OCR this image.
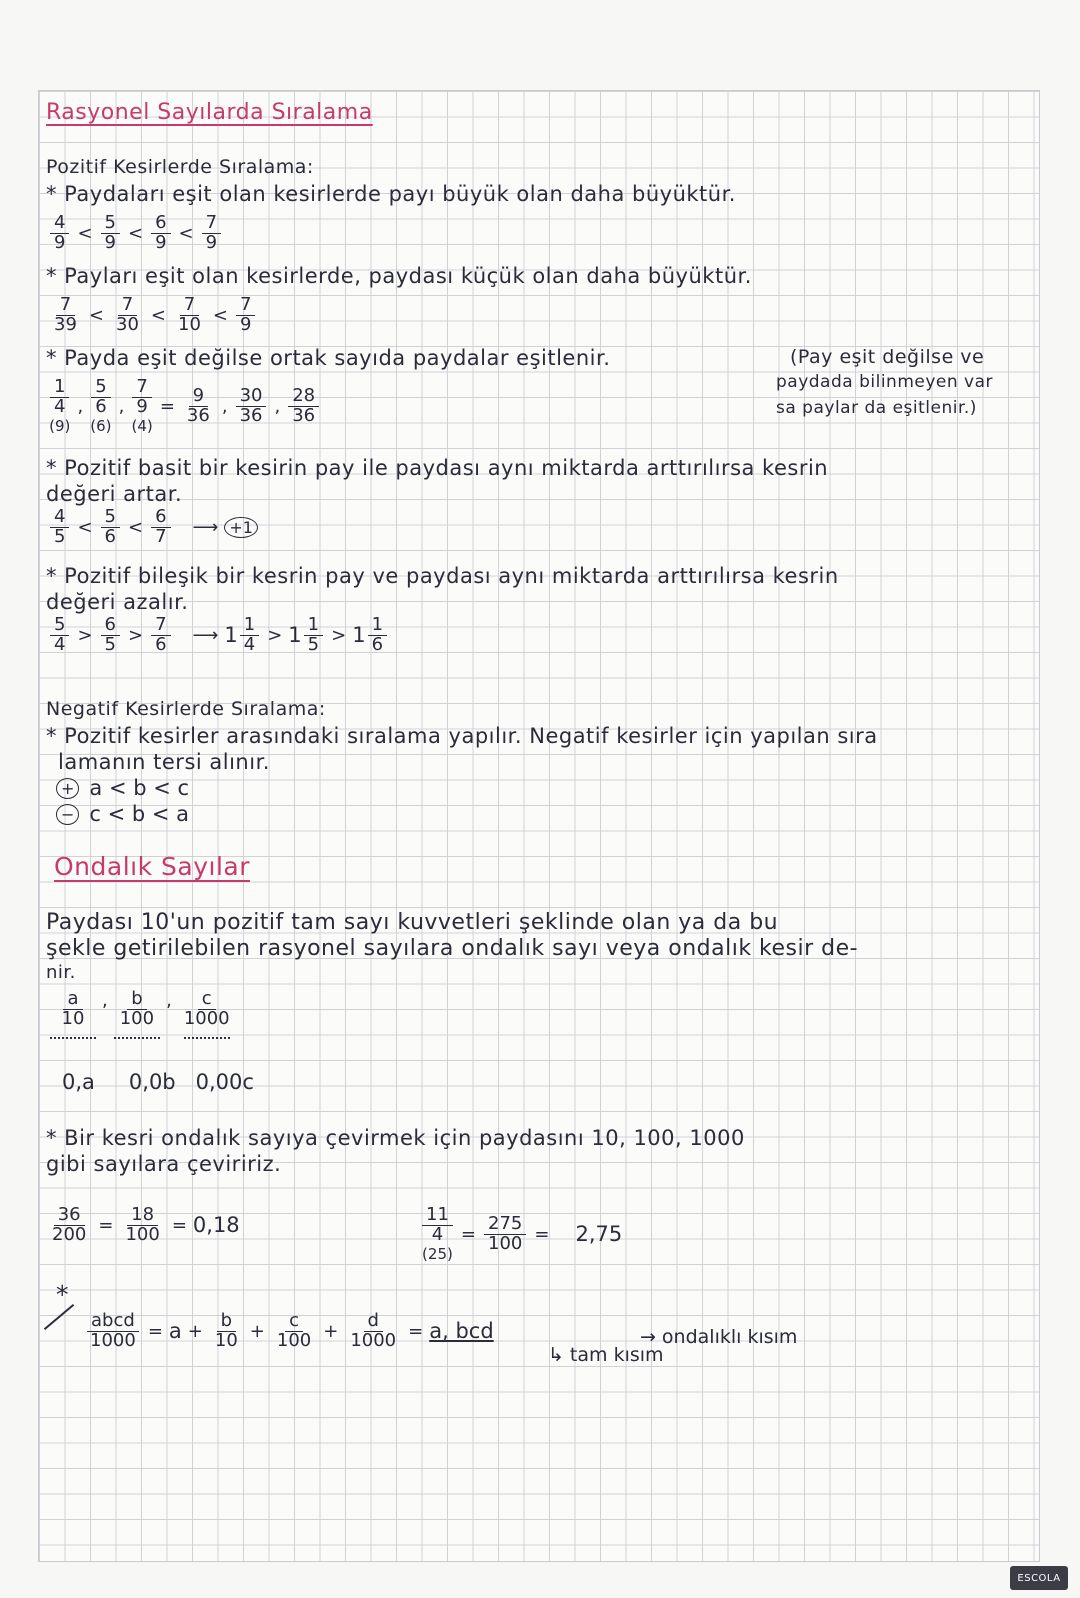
Rasyonel Sayılarda Sıralama
Pozitif Kesirlerde Sıralama:
* Paydaları eşit olan kesirlerde payı büyük olan daha büyüktür.
$\frac{4}{9} < \frac{5}{9} < \frac{6}{9} < \frac{7}{9}$
* Payları eşit olan kesirlerde, paydası küçük olan daha büyüktür.
$\frac{7}{39} < \frac{7}{30} < \frac{7}{10} < \frac{7}{9}$
* Payda eşit değilse ortak sayıda paydalar eşitlenir.	(Pay eşit değilse ve
paydada bilinmeyen var
sa paylar da eşitlenir.)
$\frac{1}{4}$
(9)
, $\frac{5}{6}$
(6)
, $\frac{7}{9}$
(4)
= $\frac{9}{36}$ , $\frac{30}{36}$ , $\frac{28}{36}$
* Pozitif basit bir kesirin pay ile paydası aynı miktarda arttırılırsa kesrin
değeri artar.
$\frac{4}{5} < \frac{5}{6} < \frac{6}{7}$ ⟶ +1
* Pozitif bileşik bir kesrin pay ve paydası aynı miktarda arttırılırsa kesrin
değeri azalır.
$\frac{5}{4} > \frac{6}{5} > \frac{7}{6}$ ⟶ $1 \frac{1}{4} > 1 \frac{1}{5} > 1 \frac{1}{6}$
Negatif Kesirlerde Sıralama:
* Pozitif kesirler arasındaki sıralama yapılır. Negatif kesirler için yapılan sıra
lamanın tersi alınır.
+ a < b < c
− c < b < a
Ondalık Sayılar
Paydası 10'un pozitif tam sayı kuvvetleri şeklinde olan ya da bu
şekle getirilebilen rasyonel sayılara ondalık sayı veya ondalık kesir de-
nir.
$\frac{a}{10}$ , $\frac{b}{100}$ , $\frac{c}{1000}$
0,a 0,0b 0,00c
* Bir kesri ondalık sayıya çevirmek için paydasını 10, 100, 1000
gibi sayılara çeviririz.
$\frac{36}{200} = \frac{18}{100} = 0,18$	$\frac{11}{4}$
(25)
= $\frac{275}{100} = 2,75$
*
$\frac{\text{abcd}}{1000} = a + \frac{b}{10} + \frac{c}{100} + \frac{d}{1000} = a$, bcd
↳ tam kısım
→ ondalıklı kısım
ESCOLA
